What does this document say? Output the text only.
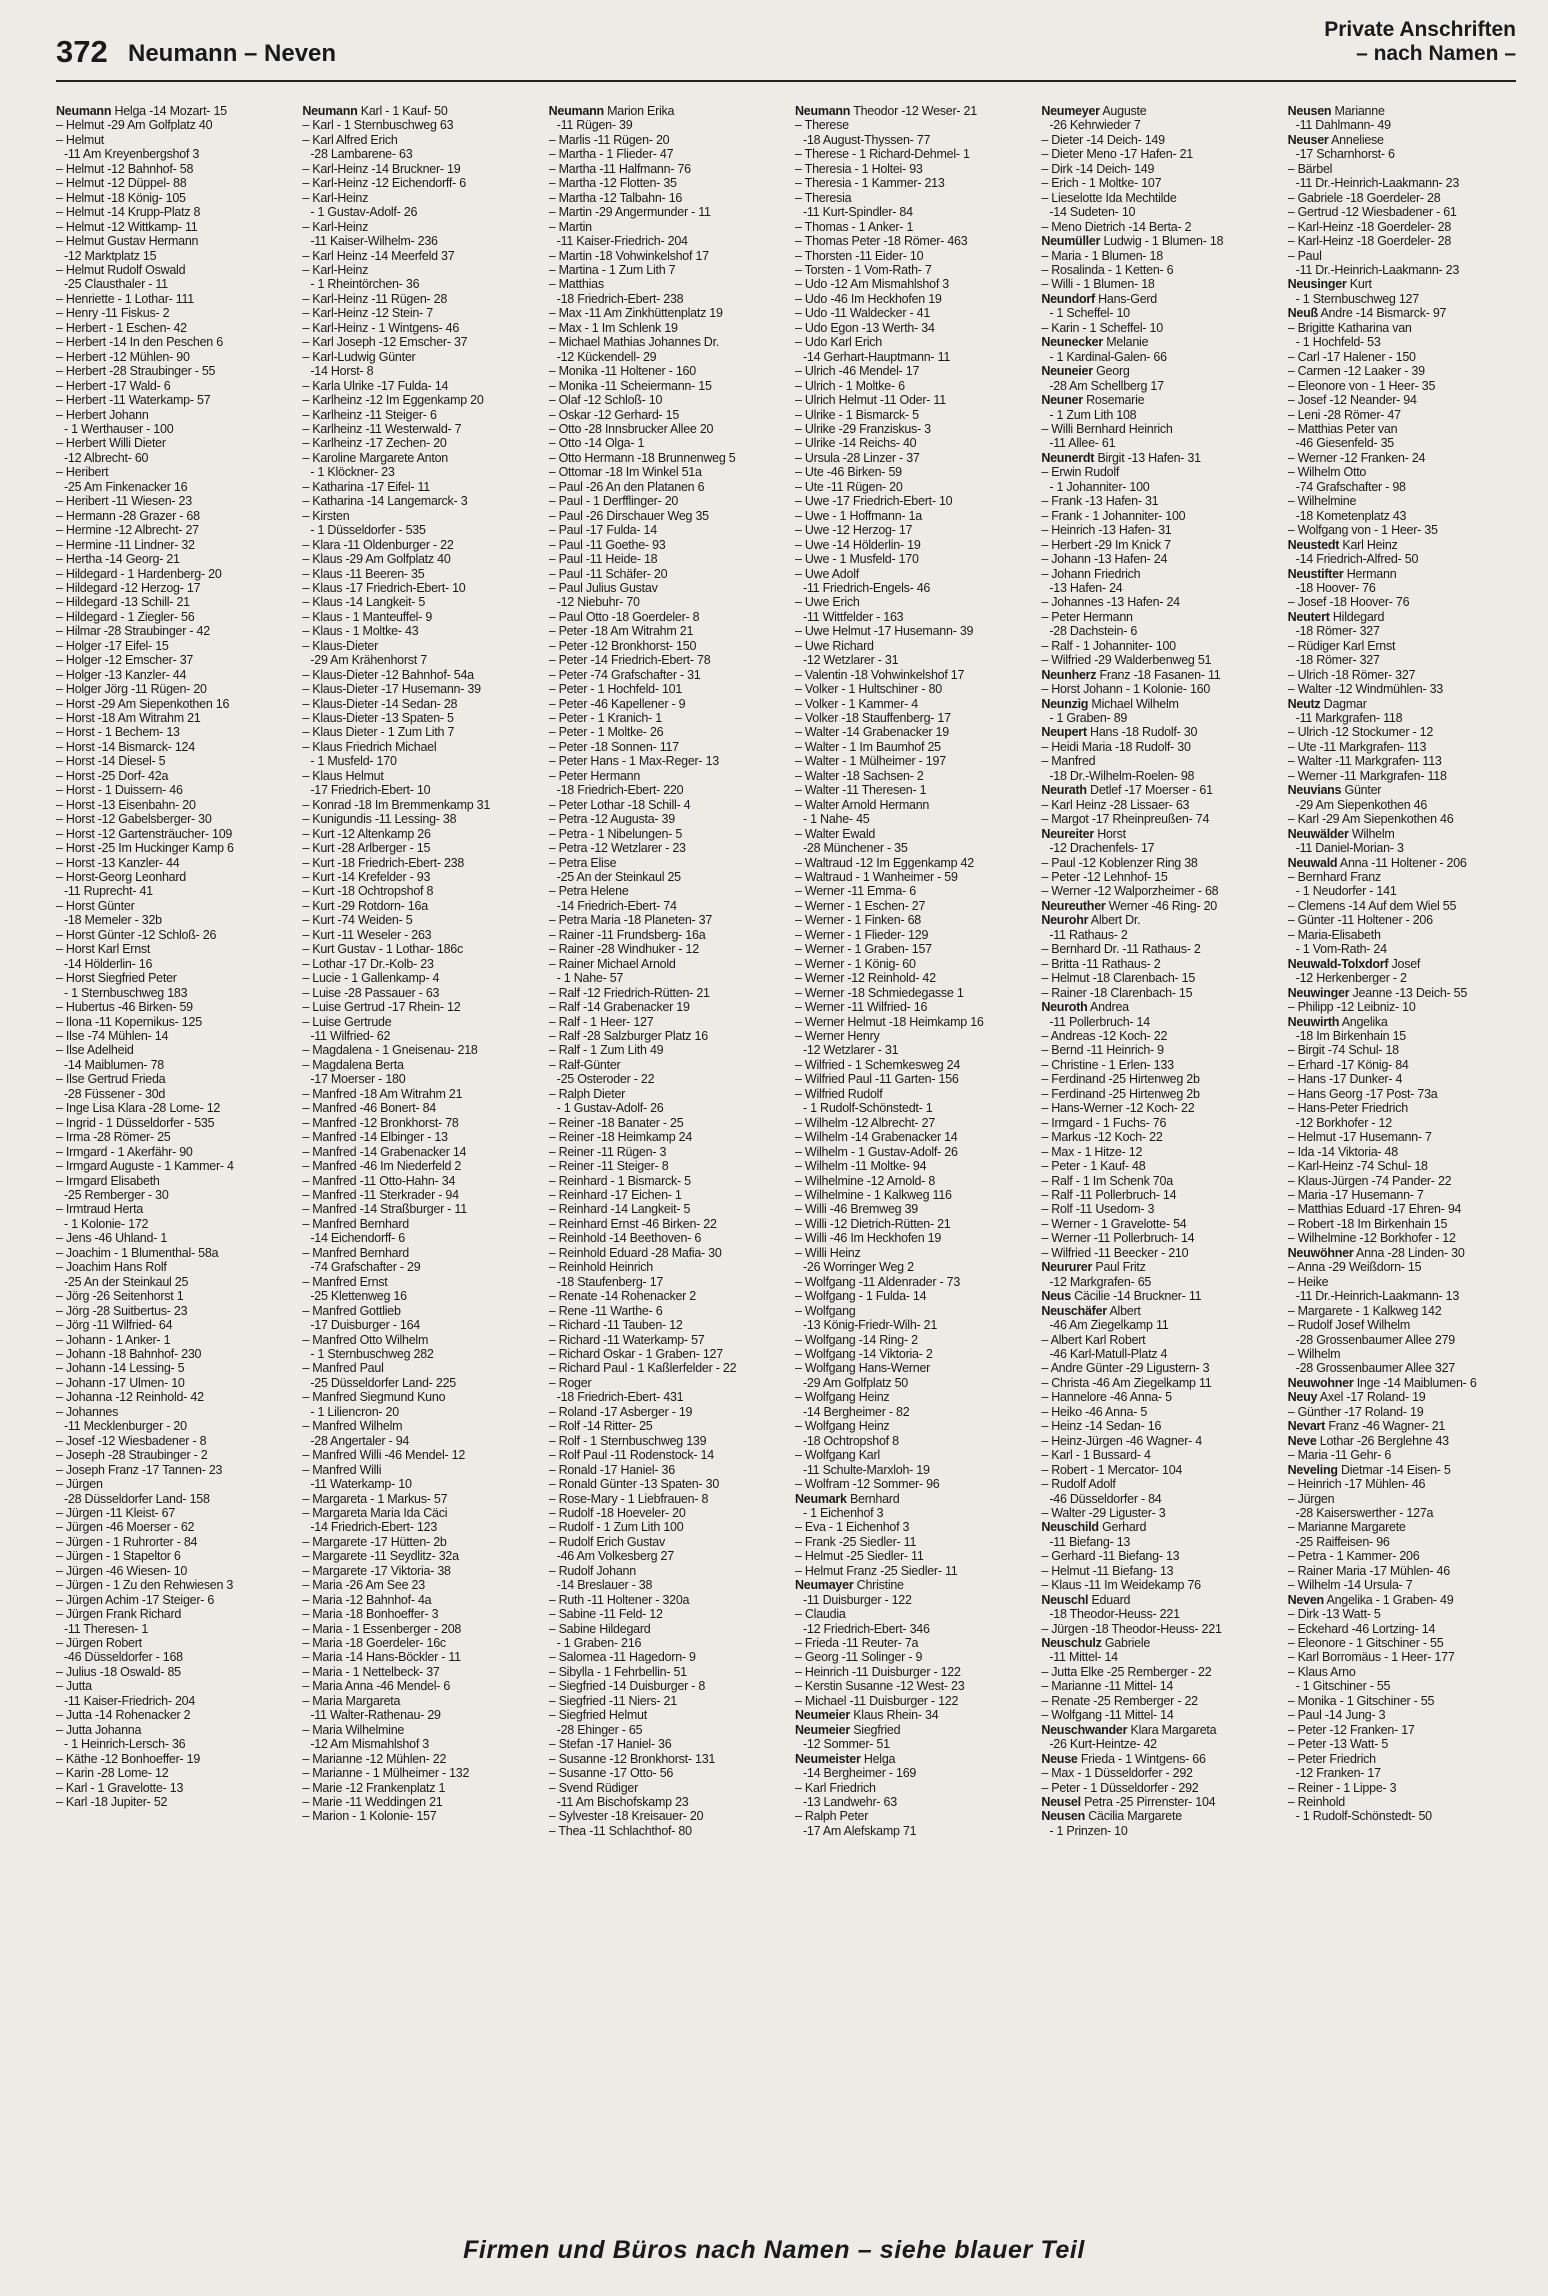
372 Neumann – Neven
Private Anschriften
– nach Namen –
Neumann Helga -14 Mozart- 15
– Helmut -29 Am Golfplatz 40
– Helmut
-11 Am Kreyenbergshof 3
– Helmut -12 Bahnhof- 58
– Helmut -12 Düppel- 88
– Helmut -18 König- 105
– Helmut -14 Krupp-Platz 8
– Helmut -12 Wittkamp- 11
– Helmut Gustav Hermann
-12 Marktplatz 15
– Helmut Rudolf Oswald
-25 Clausthaler - 11
– Henriette - 1 Lothar- 111
– Henry -11 Fiskus- 2
– Herbert - 1 Eschen- 42
– Herbert -14 In den Peschen 6
– Herbert -12 Mühlen- 90
– Herbert -28 Straubinger - 55
– Herbert -17 Wald- 6
– Herbert -11 Waterkamp- 57
– Herbert Johann
- 1 Werthauser - 100
– Herbert Willi Dieter
-12 Albrecht- 60
– Heribert
-25 Am Finkenacker 16
– Heribert -11 Wiesen- 23
– Hermann -28 Grazer - 68
– Hermine -12 Albrecht- 27
– Hermine -11 Lindner- 32
– Hertha -14 Georg- 21
– Hildegard - 1 Hardenberg- 20
– Hildegard -12 Herzog- 17
– Hildegard -13 Schill- 21
– Hildegard - 1 Ziegler- 56
– Hilmar -28 Straubinger - 42
– Holger -17 Eifel- 15
– Holger -12 Emscher- 37
– Holger -13 Kanzler- 44
– Holger Jörg -11 Rügen- 20
– Horst -29 Am Siepenkothen 16
– Horst -18 Am Witrahm 21
– Horst - 1 Bechem- 13
– Horst -14 Bismarck- 124
– Horst -14 Diesel- 5
– Horst -25 Dorf- 42a
– Horst - 1 Duissern- 46
– Horst -13 Eisenbahn- 20
– Horst -12 Gabelsberger- 30
– Horst -12 Gartensträucher- 109
– Horst -25 Im Huckinger Kamp 6
– Horst -13 Kanzler- 44
– Horst-Georg Leonhard
-11 Ruprecht- 41
– Horst Günter
-18 Memeler - 32b
– Horst Günter -12 Schloß- 26
– Horst Karl Ernst
-14 Hölderlin- 16
– Horst Siegfried Peter
- 1 Sternbuschweg 183
– Hubertus -46 Birken- 59
– Ilona -11 Kopernikus- 125
– Ilse -74 Mühlen- 14
– Ilse Adelheid
-14 Maiblumen- 78
– Ilse Gertrud Frieda
-28 Füssener - 30d
– Inge Lisa Klara -28 Lome- 12
– Ingrid - 1 Düsseldorfer - 535
– Irma -28 Römer- 25
– Irmgard - 1 Akerfähr- 90
– Irmgard Auguste - 1 Kammer- 4
– Irmgard Elisabeth
-25 Remberger - 30
– Irmtraud Herta
- 1 Kolonie- 172
– Jens -46 Uhland- 1
– Joachim - 1 Blumenthal- 58a
– Joachim Hans Rolf
-25 An der Steinkaul 25
– Jörg -26 Seitenhorst 1
– Jörg -28 Suitbertus- 23
– Jörg -11 Wilfried- 64
– Johann - 1 Anker- 1
– Johann -18 Bahnhof- 230
– Johann -14 Lessing- 5
– Johann -17 Ulmen- 10
– Johanna -12 Reinhold- 42
– Johannes
-11 Mecklenburger - 20
– Josef -12 Wiesbadener - 8
– Joseph -28 Straubinger - 2
– Joseph Franz -17 Tannen- 23
– Jürgen
-28 Düsseldorfer Land- 158
– Jürgen -11 Kleist- 67
– Jürgen -46 Moerser - 62
– Jürgen - 1 Ruhrorter - 84
– Jürgen - 1 Stapeltor 6
– Jürgen -46 Wiesen- 10
– Jürgen - 1 Zu den Rehwiesen 3
– Jürgen Achim -17 Steiger- 6
– Jürgen Frank Richard
-11 Theresen- 1
– Jürgen Robert
-46 Düsseldorfer - 168
– Julius -18 Oswald- 85
– Jutta
-11 Kaiser-Friedrich- 204
– Jutta -14 Rohenacker 2
– Jutta Johanna
- 1 Heinrich-Lersch- 36
– Käthe -12 Bonhoeffer- 19
– Karin -28 Lome- 12
– Karl - 1 Gravelotte- 13
– Karl -18 Jupiter- 52
Neumann Karl - 1 Kauf- 50
– Karl - 1 Sternbuschweg 63
– Karl Alfred Erich
-28 Lambarene- 63
– Karl-Heinz -14 Bruckner- 19
– Karl-Heinz -12 Eichendorff- 6
– Karl-Heinz
- 1 Gustav-Adolf- 26
– Karl-Heinz
-11 Kaiser-Wilhelm- 236
– Karl Heinz -14 Meerfeld 37
– Karl-Heinz
- 1 Rheintörchen- 36
– Karl-Heinz -11 Rügen- 28
– Karl-Heinz -12 Stein- 7
– Karl-Heinz - 1 Wintgens- 46
– Karl Joseph -12 Emscher- 37
– Karl-Ludwig Günter
-14 Horst- 8
– Karla Ulrike -17 Fulda- 14
– Karlheinz -12 Im Eggenkamp 20
– Karlheinz -11 Steiger- 6
– Karlheinz -11 Westerwald- 7
– Karlheinz -17 Zechen- 20
– Karoline Margarete Anton
- 1 Klöckner- 23
– Katharina -17 Eifel- 11
– Katharina -14 Langemarck- 3
– Kirsten
- 1 Düsseldorfer - 535
– Klara -11 Oldenburger - 22
– Klaus -29 Am Golfplatz 40
– Klaus -11 Beeren- 35
– Klaus -17 Friedrich-Ebert- 10
– Klaus -14 Langkeit- 5
– Klaus - 1 Manteuffel- 9
– Klaus - 1 Moltke- 43
– Klaus-Dieter
-29 Am Krähenhorst 7
– Klaus-Dieter -12 Bahnhof- 54a
– Klaus-Dieter -17 Husemann- 39
– Klaus-Dieter -14 Sedan- 28
– Klaus-Dieter -13 Spaten- 5
– Klaus Dieter - 1 Zum Lith 7
– Klaus Friedrich Michael
- 1 Musfeld- 170
– Klaus Helmut
-17 Friedrich-Ebert- 10
– Konrad -18 Im Bremmenkamp 31
– Kunigundis -11 Lessing- 38
– Kurt -12 Altenkamp 26
– Kurt -28 Arlberger - 15
– Kurt -18 Friedrich-Ebert- 238
– Kurt -14 Krefelder - 93
– Kurt -18 Ochtropshof 8
– Kurt -29 Rotdorn- 16a
– Kurt -74 Weiden- 5
– Kurt -11 Weseler - 263
– Kurt Gustav - 1 Lothar- 186c
– Lothar -17 Dr.-Kolb- 23
– Lucie - 1 Gallenkamp- 4
– Luise -28 Passauer - 63
– Luise Gertrud -17 Rhein- 12
– Luise Gertrude
-11 Wilfried- 62
– Magdalena - 1 Gneisenau- 218
– Magdalena Berta
-17 Moerser - 180
– Manfred -18 Am Witrahm 21
– Manfred -46 Bonert- 84
– Manfred -12 Bronkhorst- 78
– Manfred -14 Elbinger - 13
– Manfred -14 Grabenacker 14
– Manfred -46 Im Niederfeld 2
– Manfred -11 Otto-Hahn- 34
– Manfred -11 Sterkrader - 94
– Manfred -14 Straßburger - 11
– Manfred Bernhard
-14 Eichendorff- 6
– Manfred Bernhard
-74 Grafschafter - 29
– Manfred Ernst
-25 Klettenweg 16
– Manfred Gottlieb
-17 Duisburger - 164
– Manfred Otto Wilhelm
- 1 Sternbuschweg 282
– Manfred Paul
-25 Düsseldorfer Land- 225
– Manfred Siegmund Kuno
- 1 Liliencron- 20
– Manfred Wilhelm
-28 Angertaler - 94
– Manfred Willi -46 Mendel- 12
– Manfred Willi
-11 Waterkamp- 10
– Margareta - 1 Markus- 57
– Margareta Maria Ida Cäci
-14 Friedrich-Ebert- 123
– Margarete -17 Hütten- 2b
– Margarete -11 Seydlitz- 32a
– Margarete -17 Viktoria- 38
– Maria -26 Am See 23
– Maria -12 Bahnhof- 4a
– Maria -18 Bonhoeffer- 3
– Maria - 1 Essenberger - 208
– Maria -18 Goerdeler- 16c
– Maria -14 Hans-Böckler - 11
– Maria - 1 Nettelbeck- 37
– Maria Anna -46 Mendel- 6
– Maria Margareta
-11 Walter-Rathenau- 29
– Maria Wilhelmine
-12 Am Mismahlshof 3
– Marianne -12 Mühlen- 22
– Marianne - 1 Mülheimer - 132
– Marie -12 Frankenplatz 1
– Marie -11 Weddingen 21
– Marion - 1 Kolonie- 157
Neumann Marion Erika
-11 Rügen- 39
– Marlis -11 Rügen- 20
– Martha - 1 Flieder- 47
– Martha -11 Halfmann- 76
– Martha -12 Flotten- 35
– Martha -12 Talbahn- 16
– Martin -29 Angermunder - 11
– Martin
-11 Kaiser-Friedrich- 204
– Martin -18 Vohwinkelshof 17
– Martina - 1 Zum Lith 7
– Matthias
-18 Friedrich-Ebert- 238
– Max -11 Am Zinkhüttenplatz 19
– Max - 1 Im Schlenk 19
– Michael Mathias Johannes Dr.
-12 Kückendell- 29
– Monika -11 Holtener - 160
– Monika -11 Scheiermann- 15
– Olaf -12 Schloß- 10
– Oskar -12 Gerhard- 15
– Otto -28 Innsbrucker Allee 20
– Otto -14 Olga- 1
– Otto Hermann -18 Brunnenweg 5
– Ottomar -18 Im Winkel 51a
– Paul -26 An den Platanen 6
– Paul - 1 Derfflinger- 20
– Paul -26 Dirschauer Weg 35
– Paul -17 Fulda- 14
– Paul -11 Goethe- 93
– Paul -11 Heide- 18
– Paul -11 Schäfer- 20
– Paul Julius Gustav
-12 Niebuhr- 70
– Paul Otto -18 Goerdeler- 8
– Peter -18 Am Witrahm 21
– Peter -12 Bronkhorst- 150
– Peter -14 Friedrich-Ebert- 78
– Peter -74 Grafschafter - 31
– Peter - 1 Hochfeld- 101
– Peter -46 Kapellener - 9
– Peter - 1 Kranich- 1
– Peter - 1 Moltke- 26
– Peter -18 Sonnen- 117
– Peter Hans - 1 Max-Reger- 13
– Peter Hermann
-18 Friedrich-Ebert- 220
– Peter Lothar -18 Schill- 4
– Petra -12 Augusta- 39
– Petra - 1 Nibelungen- 5
– Petra -12 Wetzlarer - 23
– Petra Elise
-25 An der Steinkaul 25
– Petra Helene
-14 Friedrich-Ebert- 74
– Petra Maria -18 Planeten- 37
– Rainer -11 Frundsberg- 16a
– Rainer -28 Windhuker - 12
– Rainer Michael Arnold
- 1 Nahe- 57
– Ralf -12 Friedrich-Rütten- 21
– Ralf -14 Grabenacker 19
– Ralf - 1 Heer- 127
– Ralf -28 Salzburger Platz 16
– Ralf - 1 Zum Lith 49
– Ralf-Günter
-25 Osteroder - 22
– Ralph Dieter
- 1 Gustav-Adolf- 26
– Reiner -18 Banater - 25
– Reiner -18 Heimkamp 24
– Reiner -11 Rügen- 3
– Reiner -11 Steiger- 8
– Reinhard - 1 Bismarck- 5
– Reinhard -17 Eichen- 1
– Reinhard -14 Langkeit- 5
– Reinhard Ernst -46 Birken- 22
– Reinhold -14 Beethoven- 6
– Reinhold Eduard -28 Mafia- 30
– Reinhold Heinrich
-18 Staufenberg- 17
– Renate -14 Rohenacker 2
– Rene -11 Warthe- 6
– Richard -11 Tauben- 12
– Richard -11 Waterkamp- 57
– Richard Oskar - 1 Graben- 127
– Richard Paul - 1 Kaßlerfelder - 22
– Roger
-18 Friedrich-Ebert- 431
– Roland -17 Asberger - 19
– Rolf -14 Ritter- 25
– Rolf - 1 Sternbuschweg 139
– Rolf Paul -11 Rodenstock- 14
– Ronald -17 Haniel- 36
– Ronald Günter -13 Spaten- 30
– Rose-Mary - 1 Liebfrauen- 8
– Rudolf -18 Hoeveler- 20
– Rudolf - 1 Zum Lith 100
– Rudolf Erich Gustav
-46 Am Volkesberg 27
– Rudolf Johann
-14 Breslauer - 38
– Ruth -11 Holtener - 320a
– Sabine -11 Feld- 12
– Sabine Hildegard
- 1 Graben- 216
– Salomea -11 Hagedorn- 9
– Sibylla - 1 Fehrbellin- 51
– Siegfried -14 Duisburger - 8
– Siegfried -11 Niers- 21
– Siegfried Helmut
-28 Ehinger - 65
– Stefan -17 Haniel- 36
– Susanne -12 Bronkhorst- 131
– Susanne -17 Otto- 56
– Svend Rüdiger
-11 Am Bischofskamp 23
– Sylvester -18 Kreisauer- 20
– Thea -11 Schlachthof- 80
Neumann Theodor -12 Weser- 21
– Therese
-18 August-Thyssen- 77
– Therese - 1 Richard-Dehmel- 1
– Theresia - 1 Holtei- 93
– Theresia - 1 Kammer- 213
– Theresia
-11 Kurt-Spindler- 84
– Thomas - 1 Anker- 1
– Thomas Peter -18 Römer- 463
– Thorsten -11 Eider- 10
– Torsten - 1 Vom-Rath- 7
– Udo -12 Am Mismahlshof 3
– Udo -46 Im Heckhofen 19
– Udo -11 Waldecker - 41
– Udo Egon -13 Werth- 34
– Udo Karl Erich
-14 Gerhart-Hauptmann- 11
– Ulrich -46 Mendel- 17
– Ulrich - 1 Moltke- 6
– Ulrich Helmut -11 Oder- 11
– Ulrike - 1 Bismarck- 5
– Ulrike -29 Franziskus- 3
– Ulrike -14 Reichs- 40
– Ursula -28 Linzer - 37
– Ute -46 Birken- 59
– Ute -11 Rügen- 20
– Uwe -17 Friedrich-Ebert- 10
– Uwe - 1 Hoffmann- 1a
– Uwe -12 Herzog- 17
– Uwe -14 Hölderlin- 19
– Uwe - 1 Musfeld- 170
– Uwe Adolf
-11 Friedrich-Engels- 46
– Uwe Erich
-11 Wittfelder - 163
– Uwe Helmut -17 Husemann- 39
– Uwe Richard
-12 Wetzlarer - 31
– Valentin -18 Vohwinkelshof 17
– Volker - 1 Hultschiner - 80
– Volker - 1 Kammer- 4
– Volker -18 Stauffenberg- 17
– Walter -14 Grabenacker 19
– Walter - 1 Im Baumhof 25
– Walter - 1 Mülheimer - 197
– Walter -18 Sachsen- 2
– Walter -11 Theresen- 1
– Walter Arnold Hermann
- 1 Nahe- 45
– Walter Ewald
-28 Münchener - 35
– Waltraud -12 Im Eggenkamp 42
– Waltraud - 1 Wanheimer - 59
– Werner -11 Emma- 6
– Werner - 1 Eschen- 27
– Werner - 1 Finken- 68
– Werner - 1 Flieder- 129
– Werner - 1 Graben- 157
– Werner - 1 König- 60
– Werner -12 Reinhold- 42
– Werner -18 Schmiedegasse 1
– Werner -11 Wilfried- 16
– Werner Helmut -18 Heimkamp 16
– Werner Henry
-12 Wetzlarer - 31
– Wilfried - 1 Schemkesweg 24
– Wilfried Paul -11 Garten- 156
– Wilfried Rudolf
- 1 Rudolf-Schönstedt- 1
– Wilhelm -12 Albrecht- 27
– Wilhelm -14 Grabenacker 14
– Wilhelm - 1 Gustav-Adolf- 26
– Wilhelm -11 Moltke- 94
– Wilhelmine -12 Arnold- 8
– Wilhelmine - 1 Kalkweg 116
– Willi -46 Bremweg 39
– Willi -12 Dietrich-Rütten- 21
– Willi -46 Im Heckhofen 19
– Willi Heinz
-26 Worringer Weg 2
– Wolfgang -11 Aldenrader - 73
– Wolfgang - 1 Fulda- 14
– Wolfgang
-13 König-Friedr-Wilh- 21
– Wolfgang -14 Ring- 2
– Wolfgang -14 Viktoria- 2
– Wolfgang Hans-Werner
-29 Am Golfplatz 50
– Wolfgang Heinz
-14 Bergheimer - 82
– Wolfgang Heinz
-18 Ochtropshof 8
– Wolfgang Karl
-11 Schulte-Marxloh- 19
– Wolfram -12 Sommer- 96
Neumark Bernhard
- 1 Eichenhof 3
– Eva - 1 Eichenhof 3
– Frank -25 Siedler- 11
– Helmut -25 Siedler- 11
– Helmut Franz -25 Siedler- 11
Neumayer Christine
-11 Duisburger - 122
– Claudia
-12 Friedrich-Ebert- 346
– Frieda -11 Reuter- 7a
– Georg -11 Solinger - 9
– Heinrich -11 Duisburger - 122
– Kerstin Susanne -12 West- 23
– Michael -11 Duisburger - 122
Neumeier Klaus Rhein- 34
Neumeier Siegfried
-12 Sommer- 51
Neumeister Helga
-14 Bergheimer - 169
– Karl Friedrich
-13 Landwehr- 63
– Ralph Peter
-17 Am Alefskamp 71
Neumeyer Auguste
-26 Kehrwieder 7
– Dieter -14 Deich- 149
– Dieter Meno -17 Hafen- 21
– Dirk -14 Deich- 149
– Erich - 1 Moltke- 107
– Lieselotte Ida Mechtilde
-14 Sudeten- 10
– Meno Dietrich -14 Berta- 2
Neumüller Ludwig - 1 Blumen- 18
– Maria - 1 Blumen- 18
– Rosalinda - 1 Ketten- 6
– Willi - 1 Blumen- 18
Neundorf Hans-Gerd
- 1 Scheffel- 10
– Karin - 1 Scheffel- 10
Neunecker Melanie
- 1 Kardinal-Galen- 66
Neuneier Georg
-28 Am Schellberg 17
Neuner Rosemarie
- 1 Zum Lith 108
– Willi Bernhard Heinrich
-11 Allee- 61
Neunerdt Birgit -13 Hafen- 31
– Erwin Rudolf
- 1 Johanniter- 100
– Frank -13 Hafen- 31
– Frank - 1 Johanniter- 100
– Heinrich -13 Hafen- 31
– Herbert -29 Im Knick 7
– Johann -13 Hafen- 24
– Johann Friedrich
-13 Hafen- 24
– Johannes -13 Hafen- 24
– Peter Hermann
-28 Dachstein- 6
– Ralf - 1 Johanniter- 100
– Wilfried -29 Walderbenweg 51
Neunherz Franz -18 Fasanen- 11
– Horst Johann - 1 Kolonie- 160
Neunzig Michael Wilhelm
- 1 Graben- 89
Neupert Hans -18 Rudolf- 30
– Heidi Maria -18 Rudolf- 30
– Manfred
-18 Dr.-Wilhelm-Roelen- 98
Neurath Detlef -17 Moerser - 61
– Karl Heinz -28 Lissaer- 63
– Margot -17 Rheinpreußen- 74
Neureiter Horst
-12 Drachenfels- 17
– Paul -12 Koblenzer Ring 38
– Peter -12 Lehnhof- 15
– Werner -12 Walporzheimer - 68
Neureuther Werner -46 Ring- 20
Neurohr Albert Dr.
-11 Rathaus- 2
– Bernhard Dr. -11 Rathaus- 2
– Britta -11 Rathaus- 2
– Helmut -18 Clarenbach- 15
– Rainer -18 Clarenbach- 15
Neuroth Andrea
-11 Pollerbruch- 14
– Andreas -12 Koch- 22
– Bernd -11 Heinrich- 9
– Christine - 1 Erlen- 133
– Ferdinand -25 Hirtenweg 2b
– Ferdinand -25 Hirtenweg 2b
– Hans-Werner -12 Koch- 22
– Irmgard - 1 Fuchs- 76
– Markus -12 Koch- 22
– Max - 1 Hitze- 12
– Peter - 1 Kauf- 48
– Ralf - 1 Im Schenk 70a
– Ralf -11 Pollerbruch- 14
– Rolf -11 Usedom- 3
– Werner - 1 Gravelotte- 54
– Werner -11 Pollerbruch- 14
– Wilfried -11 Beecker - 210
Neururer Paul Fritz
-12 Markgrafen- 65
Neus Cäcilie -14 Bruckner- 11
Neuschäfer Albert
-46 Am Ziegelkamp 11
– Albert Karl Robert
-46 Karl-Matull-Platz 4
– Andre Günter -29 Ligustern- 3
– Christa -46 Am Ziegelkamp 11
– Hannelore -46 Anna- 5
– Heiko -46 Anna- 5
– Heinz -14 Sedan- 16
– Heinz-Jürgen -46 Wagner- 4
– Karl - 1 Bussard- 4
– Robert - 1 Mercator- 104
– Rudolf Adolf
-46 Düsseldorfer - 84
– Walter -29 Liguster- 3
Neuschild Gerhard
-11 Biefang- 13
– Gerhard -11 Biefang- 13
– Helmut -11 Biefang- 13
– Klaus -11 Im Weidekamp 76
Neuschl Eduard
-18 Theodor-Heuss- 221
– Jürgen -18 Theodor-Heuss- 221
Neuschulz Gabriele
-11 Mittel- 14
– Jutta Elke -25 Remberger - 22
– Marianne -11 Mittel- 14
– Renate -25 Remberger - 22
– Wolfgang -11 Mittel- 14
Neuschwander Klara Margareta
-26 Kurt-Heintze- 42
Neuse Frieda - 1 Wintgens- 66
– Max - 1 Düsseldorfer - 292
– Peter - 1 Düsseldorfer - 292
Neusel Petra -25 Pirrenster- 104
Neusen Cäcilia Margarete
- 1 Prinzen- 10
Neusen Marianne
-11 Dahlmann- 49
Neuser Anneliese
-17 Scharnhorst- 6
– Bärbel
-11 Dr.-Heinrich-Laakmann- 23
– Gabriele -18 Goerdeler- 28
– Gertrud -12 Wiesbadener - 61
– Karl-Heinz -18 Goerdeler- 28
– Karl-Heinz -18 Goerdeler- 28
– Paul
-11 Dr.-Heinrich-Laakmann- 23
Neusinger Kurt
- 1 Sternbuschweg 127
Neuß Andre -14 Bismarck- 97
– Brigitte Katharina van
- 1 Hochfeld- 53
– Carl -17 Halener - 150
– Carmen -12 Laaker - 39
– Eleonore von - 1 Heer- 35
– Josef -12 Neander- 94
– Leni -28 Römer- 47
– Matthias Peter van
-46 Giesenfeld- 35
– Werner -12 Franken- 24
– Wilhelm Otto
-74 Grafschafter - 98
– Wilhelmine
-18 Kometenplatz 43
– Wolfgang von - 1 Heer- 35
Neustedt Karl Heinz
-14 Friedrich-Alfred- 50
Neustifter Hermann
-18 Hoover- 76
– Josef -18 Hoover- 76
Neutert Hildegard
-18 Römer- 327
– Rüdiger Karl Ernst
-18 Römer- 327
– Ulrich -18 Römer- 327
– Walter -12 Windmühlen- 33
Neutz Dagmar
-11 Markgrafen- 118
– Ulrich -12 Stockumer - 12
– Ute -11 Markgrafen- 113
– Walter -11 Markgrafen- 113
– Werner -11 Markgrafen- 118
Neuvians Günter
-29 Am Siepenkothen 46
– Karl -29 Am Siepenkothen 46
Neuwälder Wilhelm
-11 Daniel-Morian- 3
Neuwald Anna -11 Holtener - 206
– Bernhard Franz
- 1 Neudorfer - 141
– Clemens -14 Auf dem Wiel 55
– Günter -11 Holtener - 206
– Maria-Elisabeth
- 1 Vom-Rath- 24
Neuwald-Tolxdorf Josef
-12 Herkenberger - 2
Neuwinger Jeanne -13 Deich- 55
– Philipp -12 Leibniz- 10
Neuwirth Angelika
-18 Im Birkenhain 15
– Birgit -74 Schul- 18
– Erhard -17 König- 84
– Hans -17 Dunker- 4
– Hans Georg -17 Post- 73a
– Hans-Peter Friedrich
-12 Borkhofer - 12
– Helmut -17 Husemann- 7
– Ida -14 Viktoria- 48
– Karl-Heinz -74 Schul- 18
– Klaus-Jürgen -74 Pander- 22
– Maria -17 Husemann- 7
– Matthias Eduard -17 Ehren- 94
– Robert -18 Im Birkenhain 15
– Wilhelmine -12 Borkhofer - 12
Neuwöhner Anna -28 Linden- 30
– Anna -29 Weißdorn- 15
– Heike
-11 Dr.-Heinrich-Laakmann- 13
– Margarete - 1 Kalkweg 142
– Rudolf Josef Wilhelm
-28 Grossenbaumer Allee 279
– Wilhelm
-28 Grossenbaumer Allee 327
Neuwohner Inge -14 Maiblumen- 6
Neuy Axel -17 Roland- 19
– Günther -17 Roland- 19
Nevart Franz -46 Wagner- 21
Neve Lothar -26 Berglehne 43
– Maria -11 Gehr- 6
Neveling Dietmar -14 Eisen- 5
– Heinrich -17 Mühlen- 46
– Jürgen
-28 Kaiserswerther - 127a
– Marianne Margarete
-25 Raiffeisen- 96
– Petra - 1 Kammer- 206
– Rainer Maria -17 Mühlen- 46
– Wilhelm -14 Ursula- 7
Neven Angelika - 1 Graben- 49
– Dirk -13 Watt- 5
– Eckehard -46 Lortzing- 14
– Eleonore - 1 Gitschiner - 55
– Karl Borromäus - 1 Heer- 177
– Klaus Arno
- 1 Gitschiner - 55
– Monika - 1 Gitschiner - 55
– Paul -14 Jung- 3
– Peter -12 Franken- 17
– Peter -13 Watt- 5
– Peter Friedrich
-12 Franken- 17
– Reiner - 1 Lippe- 3
– Reinhold
- 1 Rudolf-Schönstedt- 50
Firmen und Büros nach Namen – siehe blauer Teil
